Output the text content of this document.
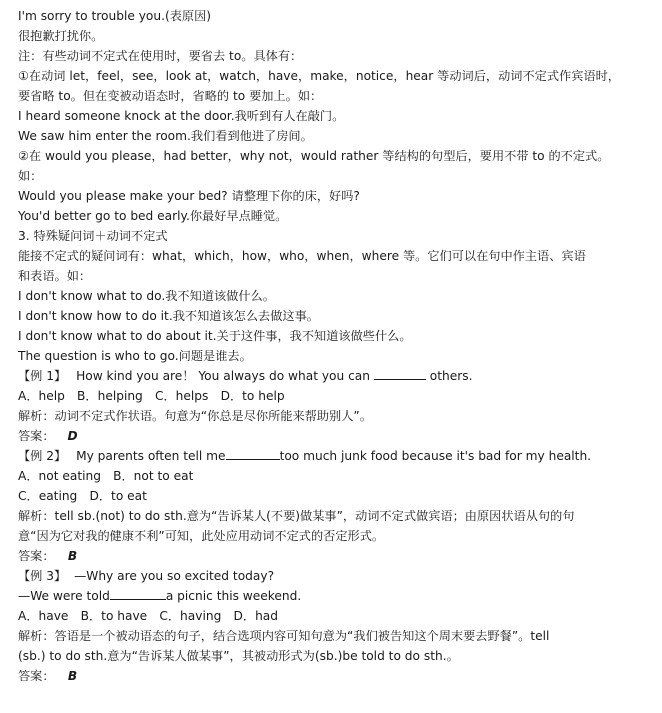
I'm sorry to trouble you.(表原因)
很抱歉打扰你。
注：有些动词不定式在使用时，要省去 to。具体有：
①在动词 let，feel，see，look at，watch，have，make，notice，hear 等动词后，动词不定式作宾语时，
要省略 to。但在变被动语态时，省略的 to 要加上。如：
I heard someone knock at the door.我听到有人在敲门。
We saw him enter the room.我们看到他进了房间。
②在 would you please，had better，why not，would rather 等结构的句型后，要用不带 to 的不定式。
如：
Would you please make your bed? 请整理下你的床，好吗?
You'd better go to bed early.你最好早点睡觉。
3. 特殊疑问词＋动词不定式
能接不定式的疑问词有：what，which，how，who，when，where 等。它们可以在句中作主语、宾语
和表语。如：
I don't know what to do.我不知道该做什么。
I don't know how to do it.我不知道该怎么去做这事。
I don't know what to do about it.关于这件事，我不知道该做些什么。
The question is who to go.问题是谁去。
【例 1】 How kind you are！ You always do what you can	others.
A．help　B．helping　C．helps　D．to help
解析：动词不定式作状语。句意为“你总是尽你所能来帮助别人”。
答案： D
【例 2】 My parents often tell me	too much junk food because it's bad for my health.
A．not eating　B．not to eat
C．eating　D．to eat
解析：tell sb.(not) to do sth.意为“告诉某人(不要)做某事”，动词不定式做宾语；由原因状语从句的句
意“因为它对我的健康不利”可知，此处应用动词不定式的否定形式。
答案： B
【例 3】 —Why are you so excited today?
—We were told	a picnic this weekend.
A．have　B．to have　C．having　D．had
解析：答语是一个被动语态的句子，结合选项内容可知句意为“我们被告知这个周末要去野餐”。tell
(sb.) to do sth.意为“告诉某人做某事”，其被动形式为(sb.)be told to do sth.。
答案： B
